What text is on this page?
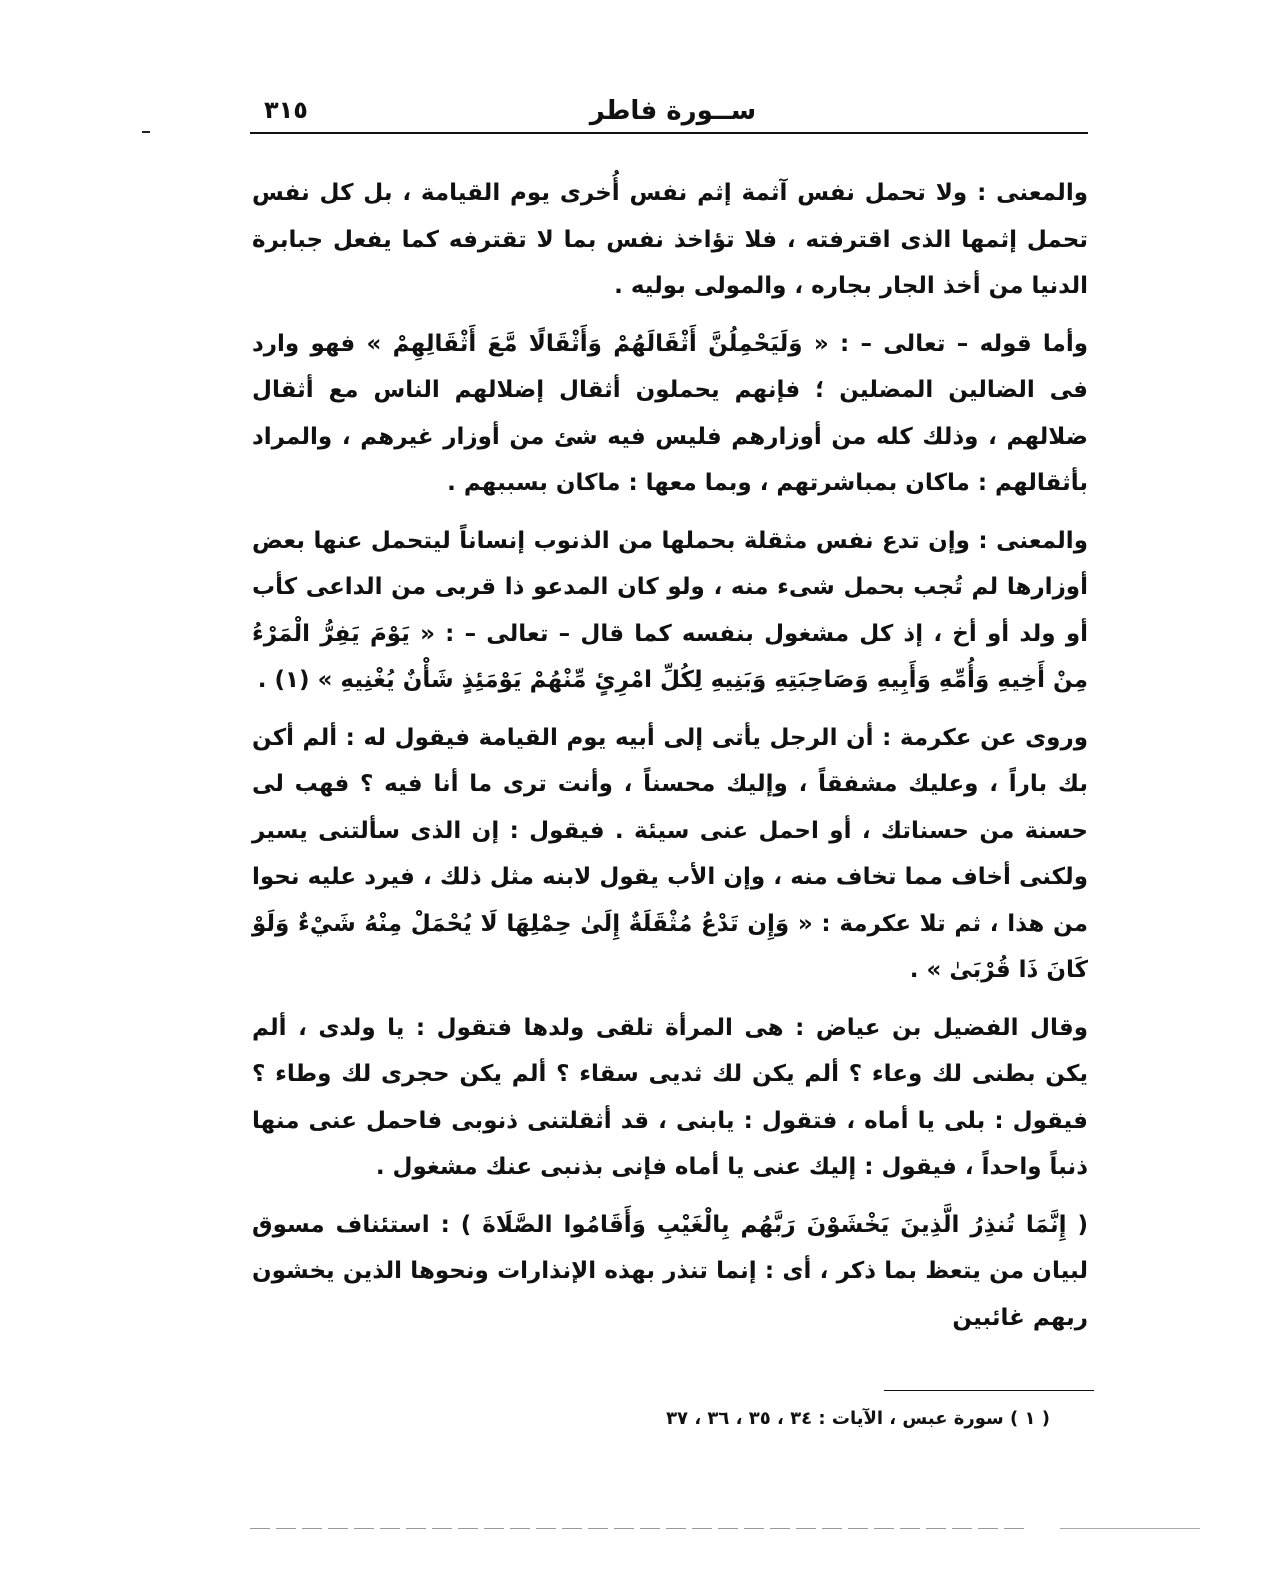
ســورة فاطر
٣١٥

والمعنى : ولا تحمل نفس آثمة إثم نفس أُخرى يوم القيامة ، بل كل نفس تحمل إثمها الذى اقترفته ، فلا تؤاخذ نفس بما لا تقترفه كما يفعل جبابرة الدنيا من أخذ الجار بجاره ، والمولى بوليه .

وأما قوله – تعالى – : « وَلَيَحْمِلُنَّ أَثْقَالَهُمْ وَأَثْقَالًا مَّعَ أَثْقَالِهِمْ » فهو وارد فى الضالين المضلين ؛ فإنهم يحملون أثقال إضلالهم الناس مع أثقال ضلالهم ، وذلك كله من أوزارهم فليس فيه شئ من أوزار غيرهم ، والمراد بأثقالهم : ماكان بمباشرتهم ، وبما معها : ماكان بسببهم .

والمعنى : وإن تدع نفس مثقلة بحملها من الذنوب إنساناً ليتحمل عنها بعض أوزارها لم تُجب بحمل شىء منه ، ولو كان المدعو ذا قربى من الداعى كأب أو ولد أو أخ ، إذ كل مشغول بنفسه كما قال – تعالى – : « يَوْمَ يَفِرُّ الْمَرْءُ مِنْ أَخِيهِ وَأُمِّهِ وَأَبِيهِ وَصَاحِبَتِهِ وَبَنِيهِ لِكُلِّ امْرِئٍ مِّنْهُمْ يَوْمَئِذٍ شَأْنٌ يُغْنِيهِ » (١) .

وروى عن عكرمة : أن الرجل يأتى إلى أبيه يوم القيامة فيقول له : ألم أكن بك باراً ، وعليك مشفقاً ، وإليك محسناً ، وأنت ترى ما أنا فيه ؟ فهب لى حسنة من حسناتك ، أو احمل عنى سيئة . فيقول : إن الذى سألتنى يسير ولكنى أخاف مما تخاف منه ، وإن الأب يقول لابنه مثل ذلك ، فيرد عليه نحوا من هذا ، ثم تلا عكرمة : « وَإِن تَدْعُ مُثْقَلَةٌ إِلَىٰ حِمْلِهَا لَا يُحْمَلْ مِنْهُ شَيْءٌ وَلَوْ كَانَ ذَا قُرْبَىٰ » .

وقال الفضيل بن عياض : هى المرأة تلقى ولدها فتقول : يا ولدى ، ألم يكن بطنى لك وعاء ؟ ألم يكن لك ثديى سقاء ؟ ألم يكن حجرى لك وطاء ؟ فيقول : بلى يا أماه ، فتقول : يابنى ، قد أثقلتنى ذنوبى فاحمل عنى منها ذنباً واحداً ، فيقول : إليك عنى يا أماه فإنى بذنبى عنك مشغول .

( إِنَّمَا تُنذِرُ الَّذِينَ يَخْشَوْنَ رَبَّهُم بِالْغَيْبِ وَأَقَامُوا الصَّلَاةَ ) : استئناف مسوق لبيان من يتعظ بما ذكر ، أى : إنما تنذر بهذه الإنذارات ونحوها الذين يخشون ربهم غائبين

( ١ ) سورة عبس ، الآيات : ٣٤ ، ٣٥ ، ٣٦ ، ٣٧
